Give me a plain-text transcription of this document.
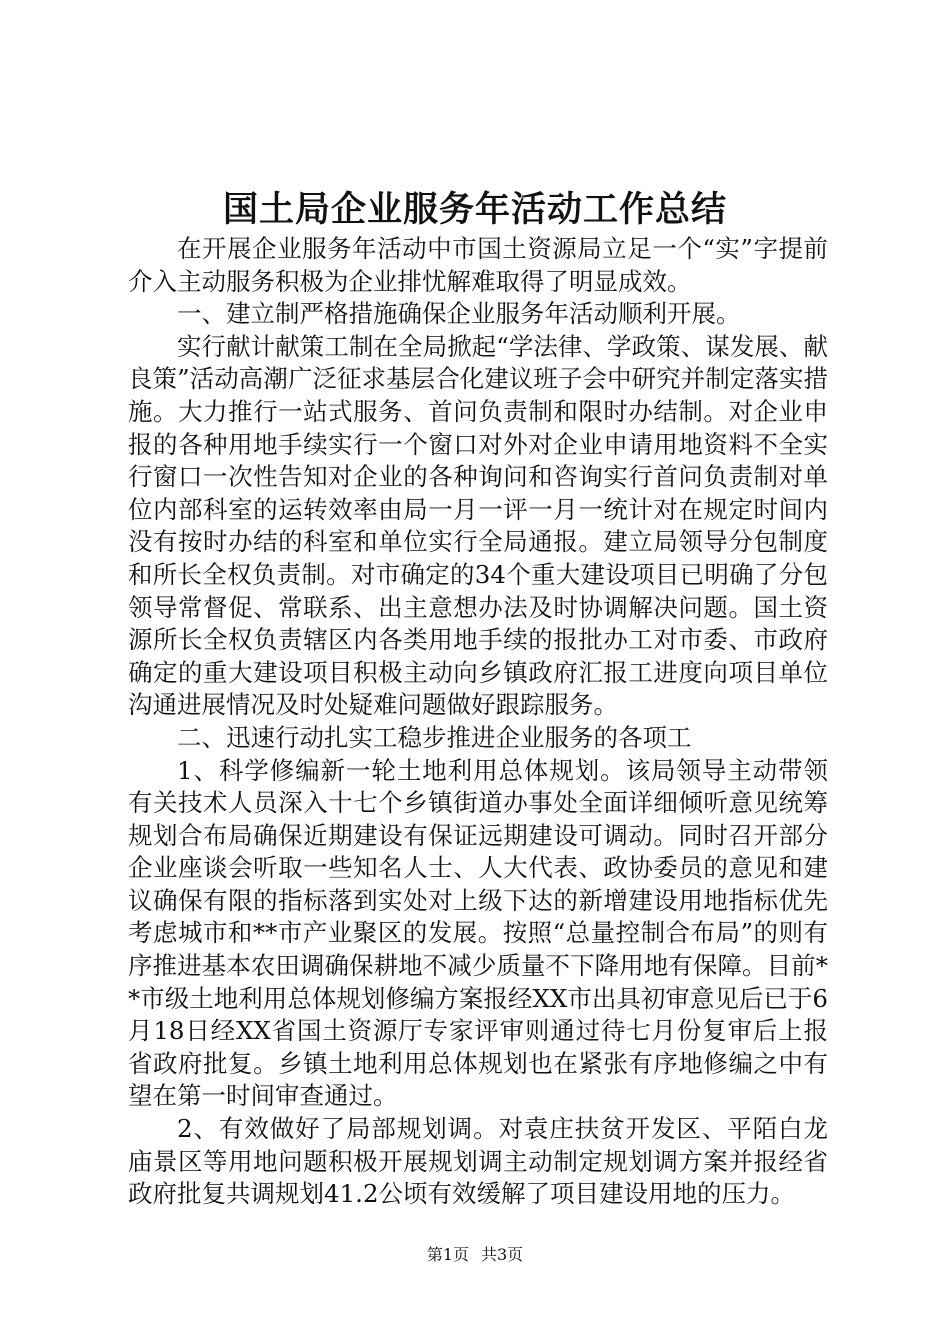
国土局企业服务年活动工作总结

在开展企业服务年活动中市国土资源局立足一个“实”字提前介入主动服务积极为企业排忧解难取得了明显成效。

一、建立制严格措施确保企业服务年活动顺利开展。

实行献计献策工制在全局掀起“学法律、学政策、谋发展、献良策”活动高潮广泛征求基层合化建议班子会中研究并制定落实措施。大力推行一站式服务、首问负责制和限时办结制。对企业申报的各种用地手续实行一个窗口对外对企业申请用地资料不全实行窗口一次性告知对企业的各种询问和咨询实行首问负责制对单位内部科室的运转效率由局一月一评一月一统计对在规定时间内没有按时办结的科室和单位实行全局通报。建立局领导分包制度和所长全权负责制。对市确定的34个重大建设项目已明确了分包领导常督促、常联系、出主意想办法及时协调解决问题。国土资源所长全权负责辖区内各类用地手续的报批办工对市委、市政府确定的重大建设项目积极主动向乡镇政府汇报工进度向项目单位沟通进展情况及时处疑难问题做好跟踪服务。

二、迅速行动扎实工稳步推进企业服务的各项工

1、科学修编新一轮土地利用总体规划。该局领导主动带领有关技术人员深入十七个乡镇街道办事处全面详细倾听意见统筹规划合布局确保近期建设有保证远期建设可调动。同时召开部分企业座谈会听取一些知名人士、人大代表、政协委员的意见和建议确保有限的指标落到实处对上级下达的新增建设用地指标优先考虑城市和**市产业聚区的发展。按照“总量控制合布局”的则有序推进基本农田调确保耕地不减少质量不下降用地有保障。目前**市级土地利用总体规划修编方案报经XX市出具初审意见后已于6月18日经XX省国土资源厅专家评审则通过待七月份复审后上报省政府批复。乡镇土地利用总体规划也在紧张有序地修编之中有望在第一时间审查通过。

2、有效做好了局部规划调。对袁庄扶贫开发区、平陌白龙庙景区等用地问题积极开展规划调主动制定规划调方案并报经省政府批复共调规划41.2公顷有效缓解了项目建设用地的压力。

第1页 共3页
